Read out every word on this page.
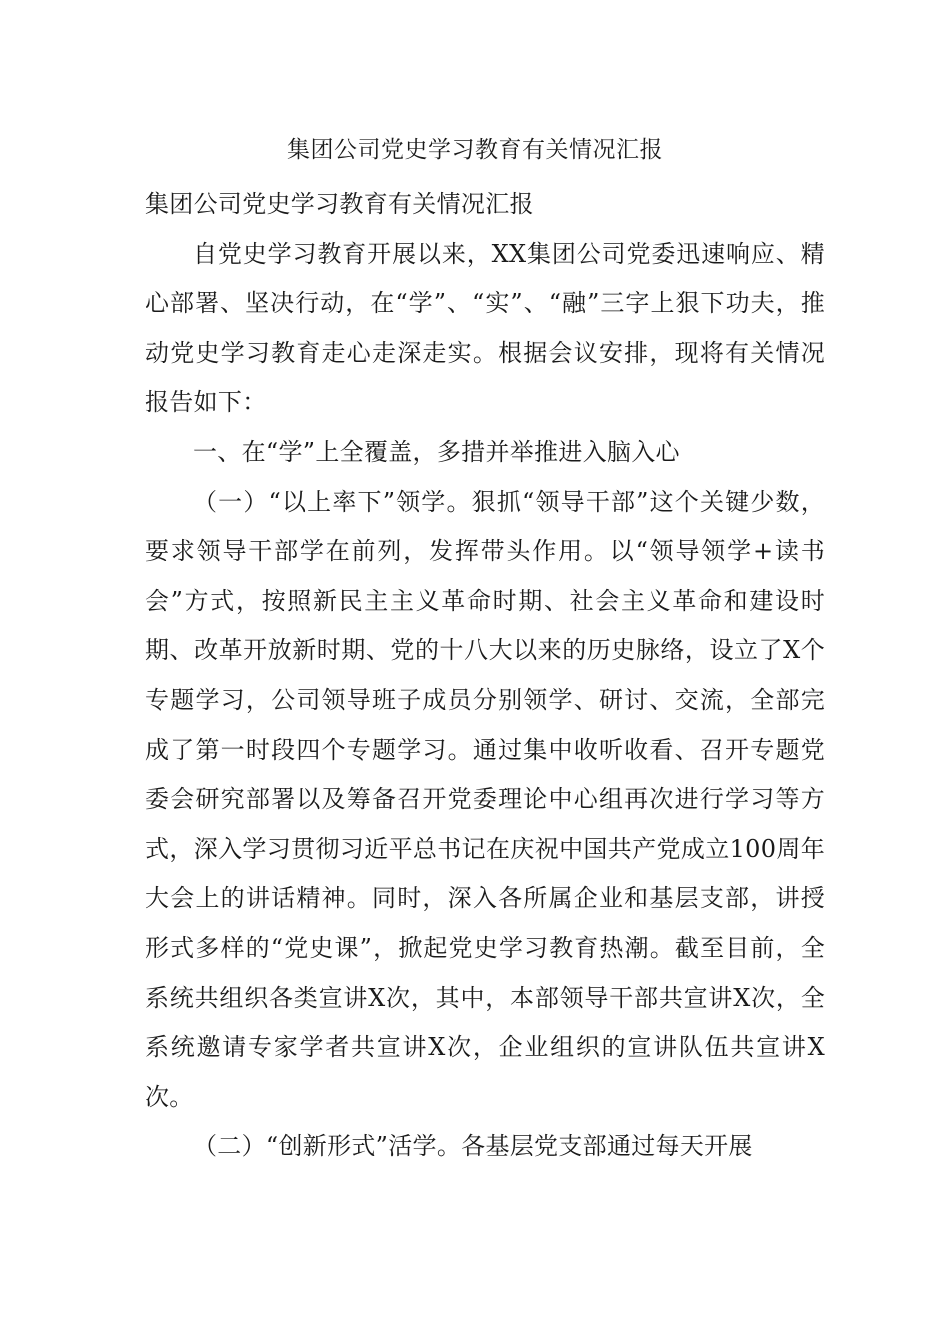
集团公司党史学习教育有关情况汇报

集团公司党史学习教育有关情况汇报

自党史学习教育开展以来，XX集团公司党委迅速响应、精心部署、坚决行动，在“学”、“实”、“融”三字上狠下功夫，推动党史学习教育走心走深走实。根据会议安排，现将有关情况报告如下：

一、在“学”上全覆盖，多措并举推进入脑入心

（一）“以上率下”领学。狠抓“领导干部”这个关键少数，要求领导干部学在前列，发挥带头作用。以“领导领学+读书会”方式，按照新民主主义革命时期、社会主义革命和建设时期、改革开放新时期、党的十八大以来的历史脉络，设立了X个专题学习，公司领导班子成员分别领学、研讨、交流，全部完成了第一时段四个专题学习。通过集中收听收看、召开专题党委会研究部署以及筹备召开党委理论中心组再次进行学习等方式，深入学习贯彻习近平总书记在庆祝中国共产党成立100周年大会上的讲话精神。同时，深入各所属企业和基层支部，讲授形式多样的“党史课”，掀起党史学习教育热潮。截至目前，全系统共组织各类宣讲X次，其中，本部领导干部共宣讲X次，全系统邀请专家学者共宣讲X次，企业组织的宣讲队伍共宣讲X次。

（二）“创新形式”活学。各基层党支部通过每天开展
